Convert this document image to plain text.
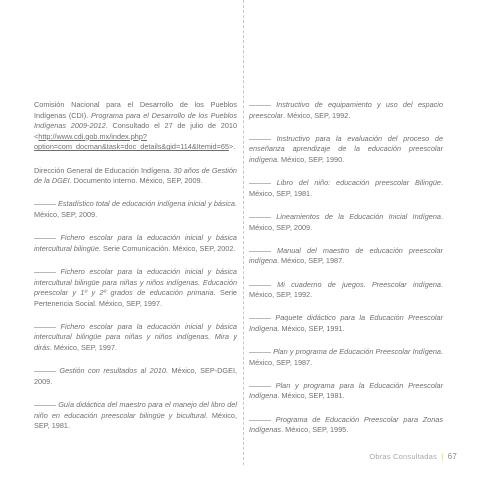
Comisión Nacional para el Desarrollo de los Pueblos Indígenas (CDI). Programa para el Desarrollo de los Pueblos Indígenas 2009-2012. Consultado el 27 de julio de 2010 <http://www.cdi.gob.mx/index.php?option=com_docman&task=doc_details&gid=114&Itemid=65>.

Dirección General de Educación Indígena. 30 años de Gestión de la DGEI. Documento interno. México, SEP, 2009.

——— Estadístico total de educación indígena inicial y básica. México, SEP, 2009.

——— Fichero escolar para la educación inicial y básica intercultural bilingüe. Serie Comunicación. México, SEP, 2002.

——— Fichero escolar para la educación inicial y básica intercultural bilingüe para niñas y niños indígenas. Educación preescolar y 1º y 2º grados de educación primaria. Serie Pertenencia Social. México, SEP, 1997.

——— Fichero escolar para la educación inicial y básica intercultural bilingüe para niñas y niños indígenas. Mira y dirás. México, SEP, 1997.

——— Gestión con resultados al 2010. México, SEP-DGEI, 2009.

——— Guía didáctica del maestro para el manejo del libro del niño en educación preescolar bilingüe y bicultural. México, SEP, 1981.

——— Instructivo de equipamiento y uso del espacio preescolar. México, SEP, 1992.

——— Instructivo para la evaluación del proceso de enseñanza aprendizaje de la educación preescolar indígena. México, SEP, 1990.

——— Libro del niño: educación preescolar Bilingüe. México, SEP, 1981.

——— Lineamientos de la Educación Inicial Indígena. México, SEP, 2009.

——— Manual del maestro de educación preescolar indígena. México, SEP, 1987.

——— Mi cuaderno de juegos. Preescolar indígena. México, SEP, 1992.

——— Paquete didáctico para la Educación Preescolar Indígena. México, SEP, 1991.

——— Plan y programa de Educación Preescolar Indígena. México, SEP, 1987.

——— Plan y programa para la Educación Preescolar Indígena. México, SEP, 1981.

——— Programa de Educación Preescolar para Zonas Indígenas. México, SEP, 1995.

Obras Consultadas | 67
